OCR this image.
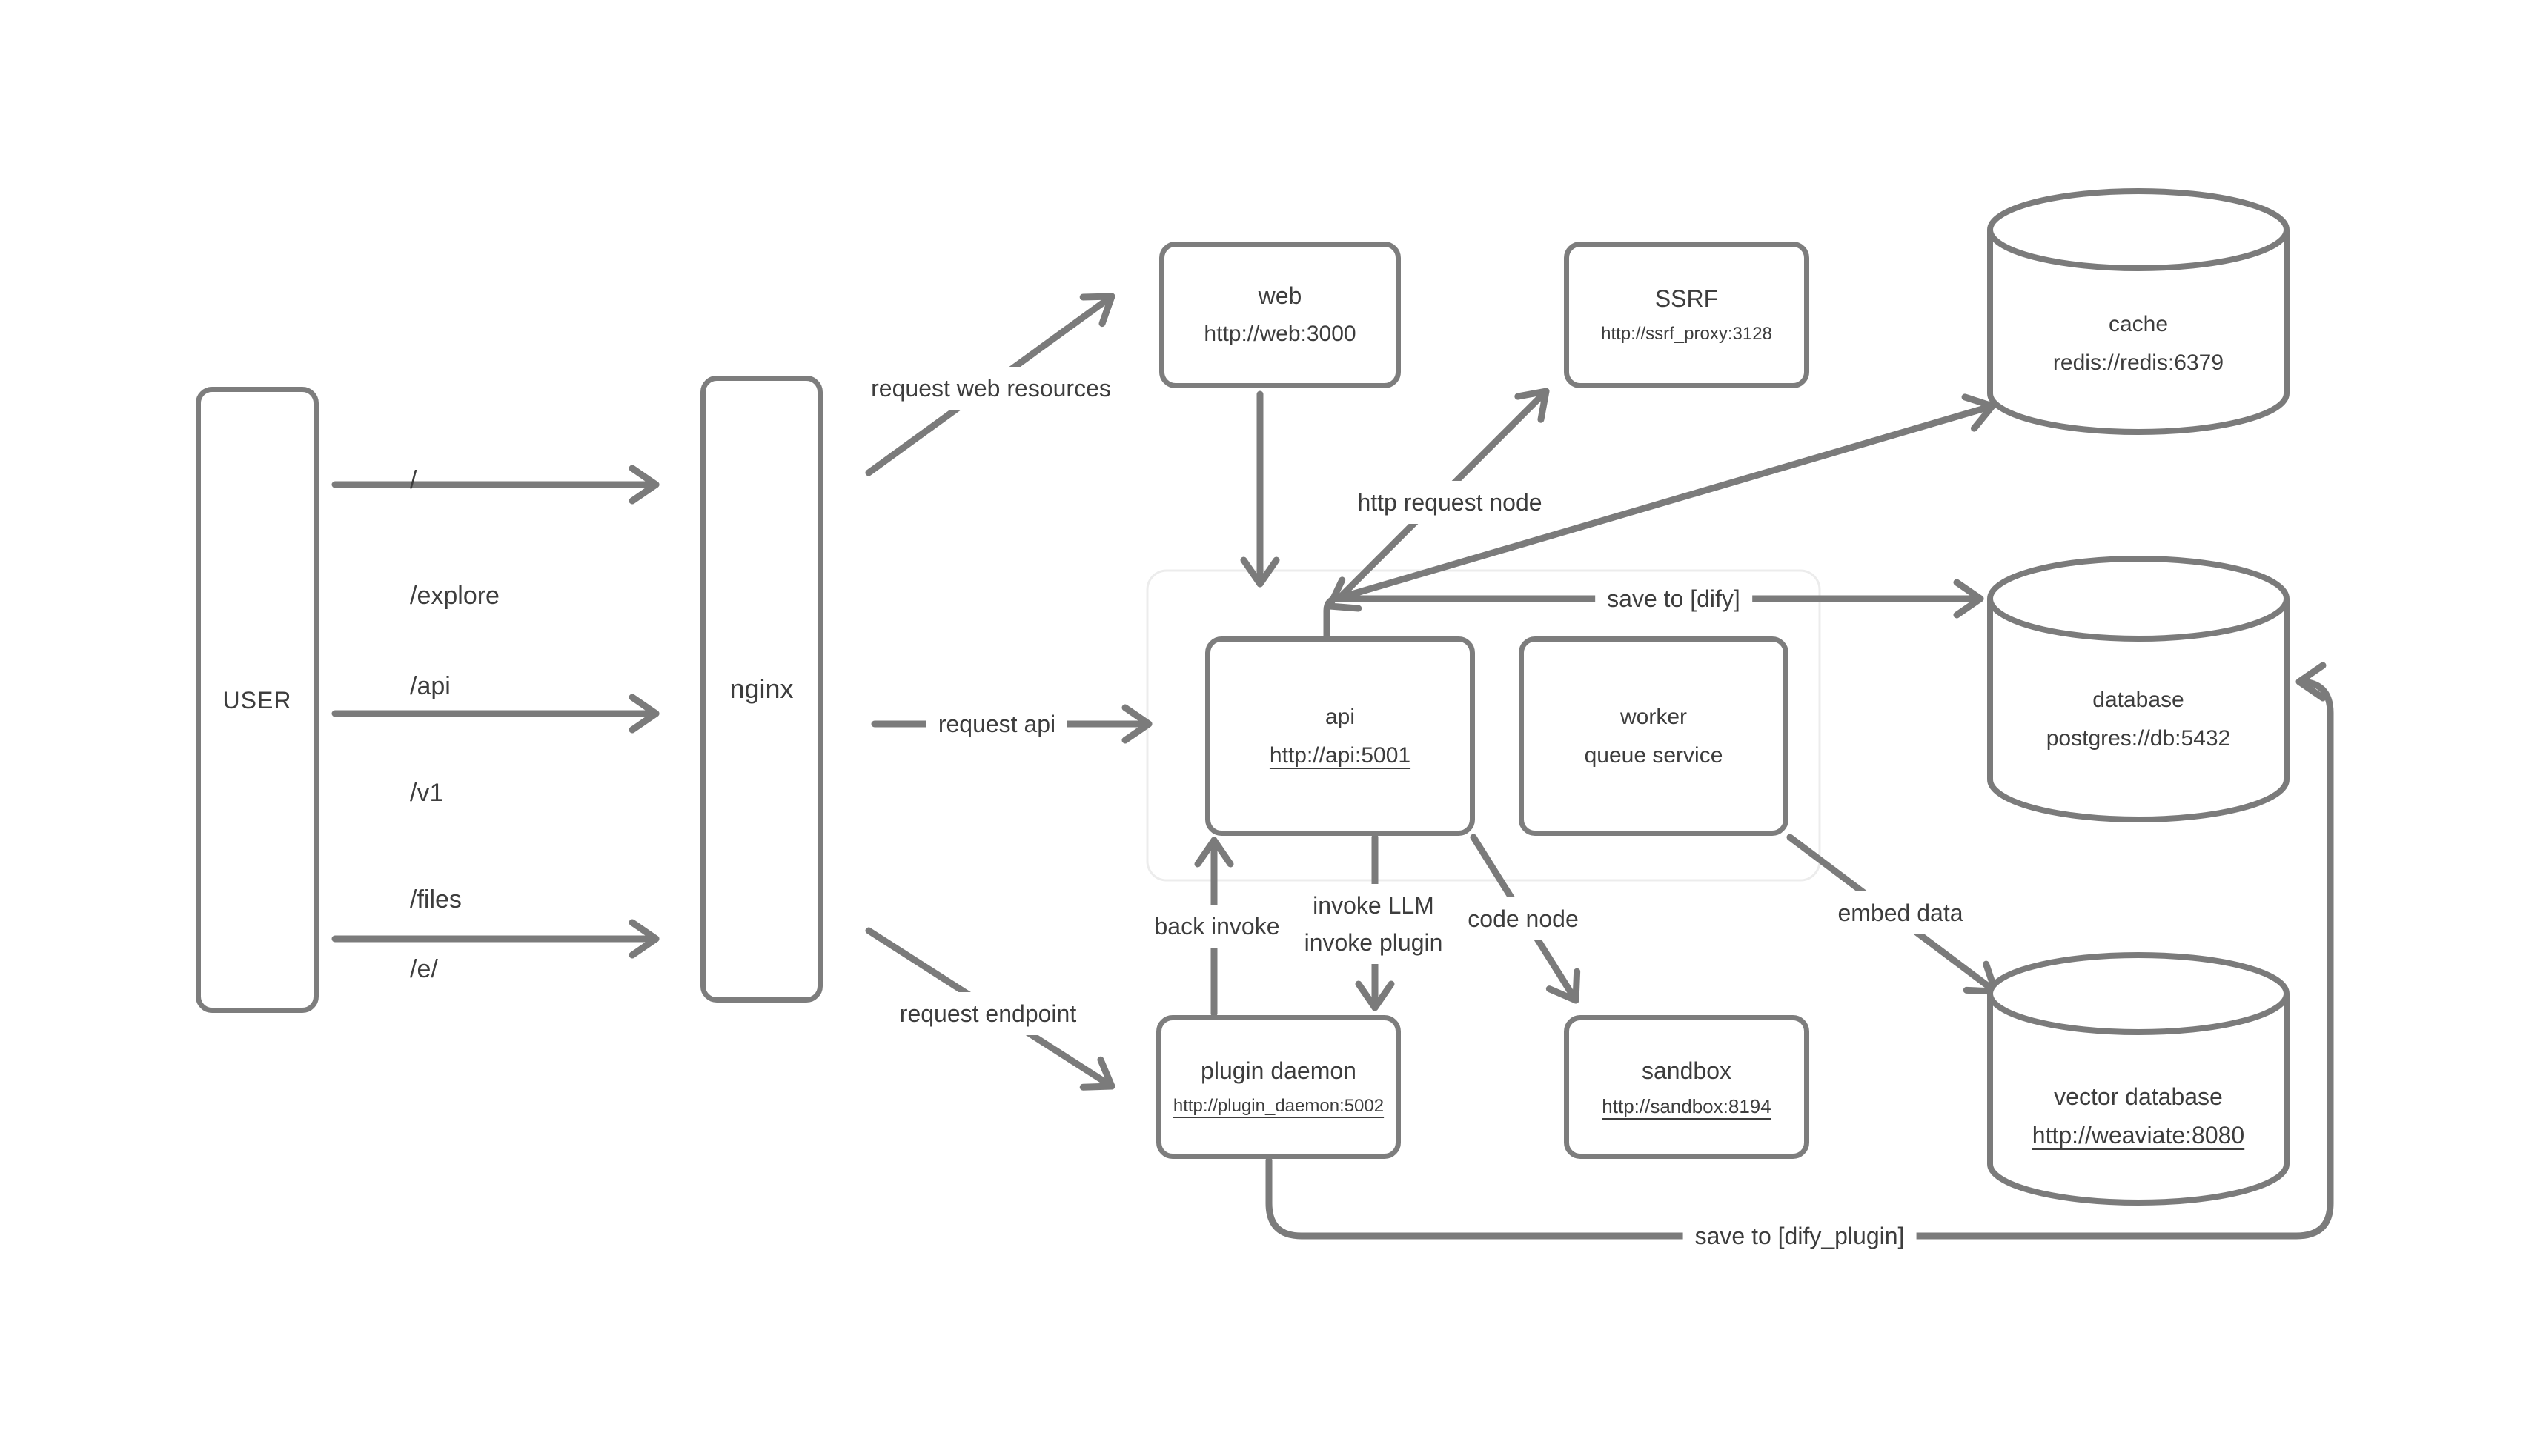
USER	nginx
web
http://web:3000
SSRF
http://ssrf_proxy:3128
api
http://api:5001
worker
queue service
plugin daemon
http://plugin_daemon:5002
sandbox
http://sandbox:8194
cache
redis://redis:6379
database
postgres://db:5432
vector database
http://weaviate:8080

/

/explore

/api

/v1

/files

/e/

request web resources
request api
request endpoint
http request node
save to [dify]
back invoke
invoke LLM
invoke plugin
code node	embed data
save to [dify_plugin]
